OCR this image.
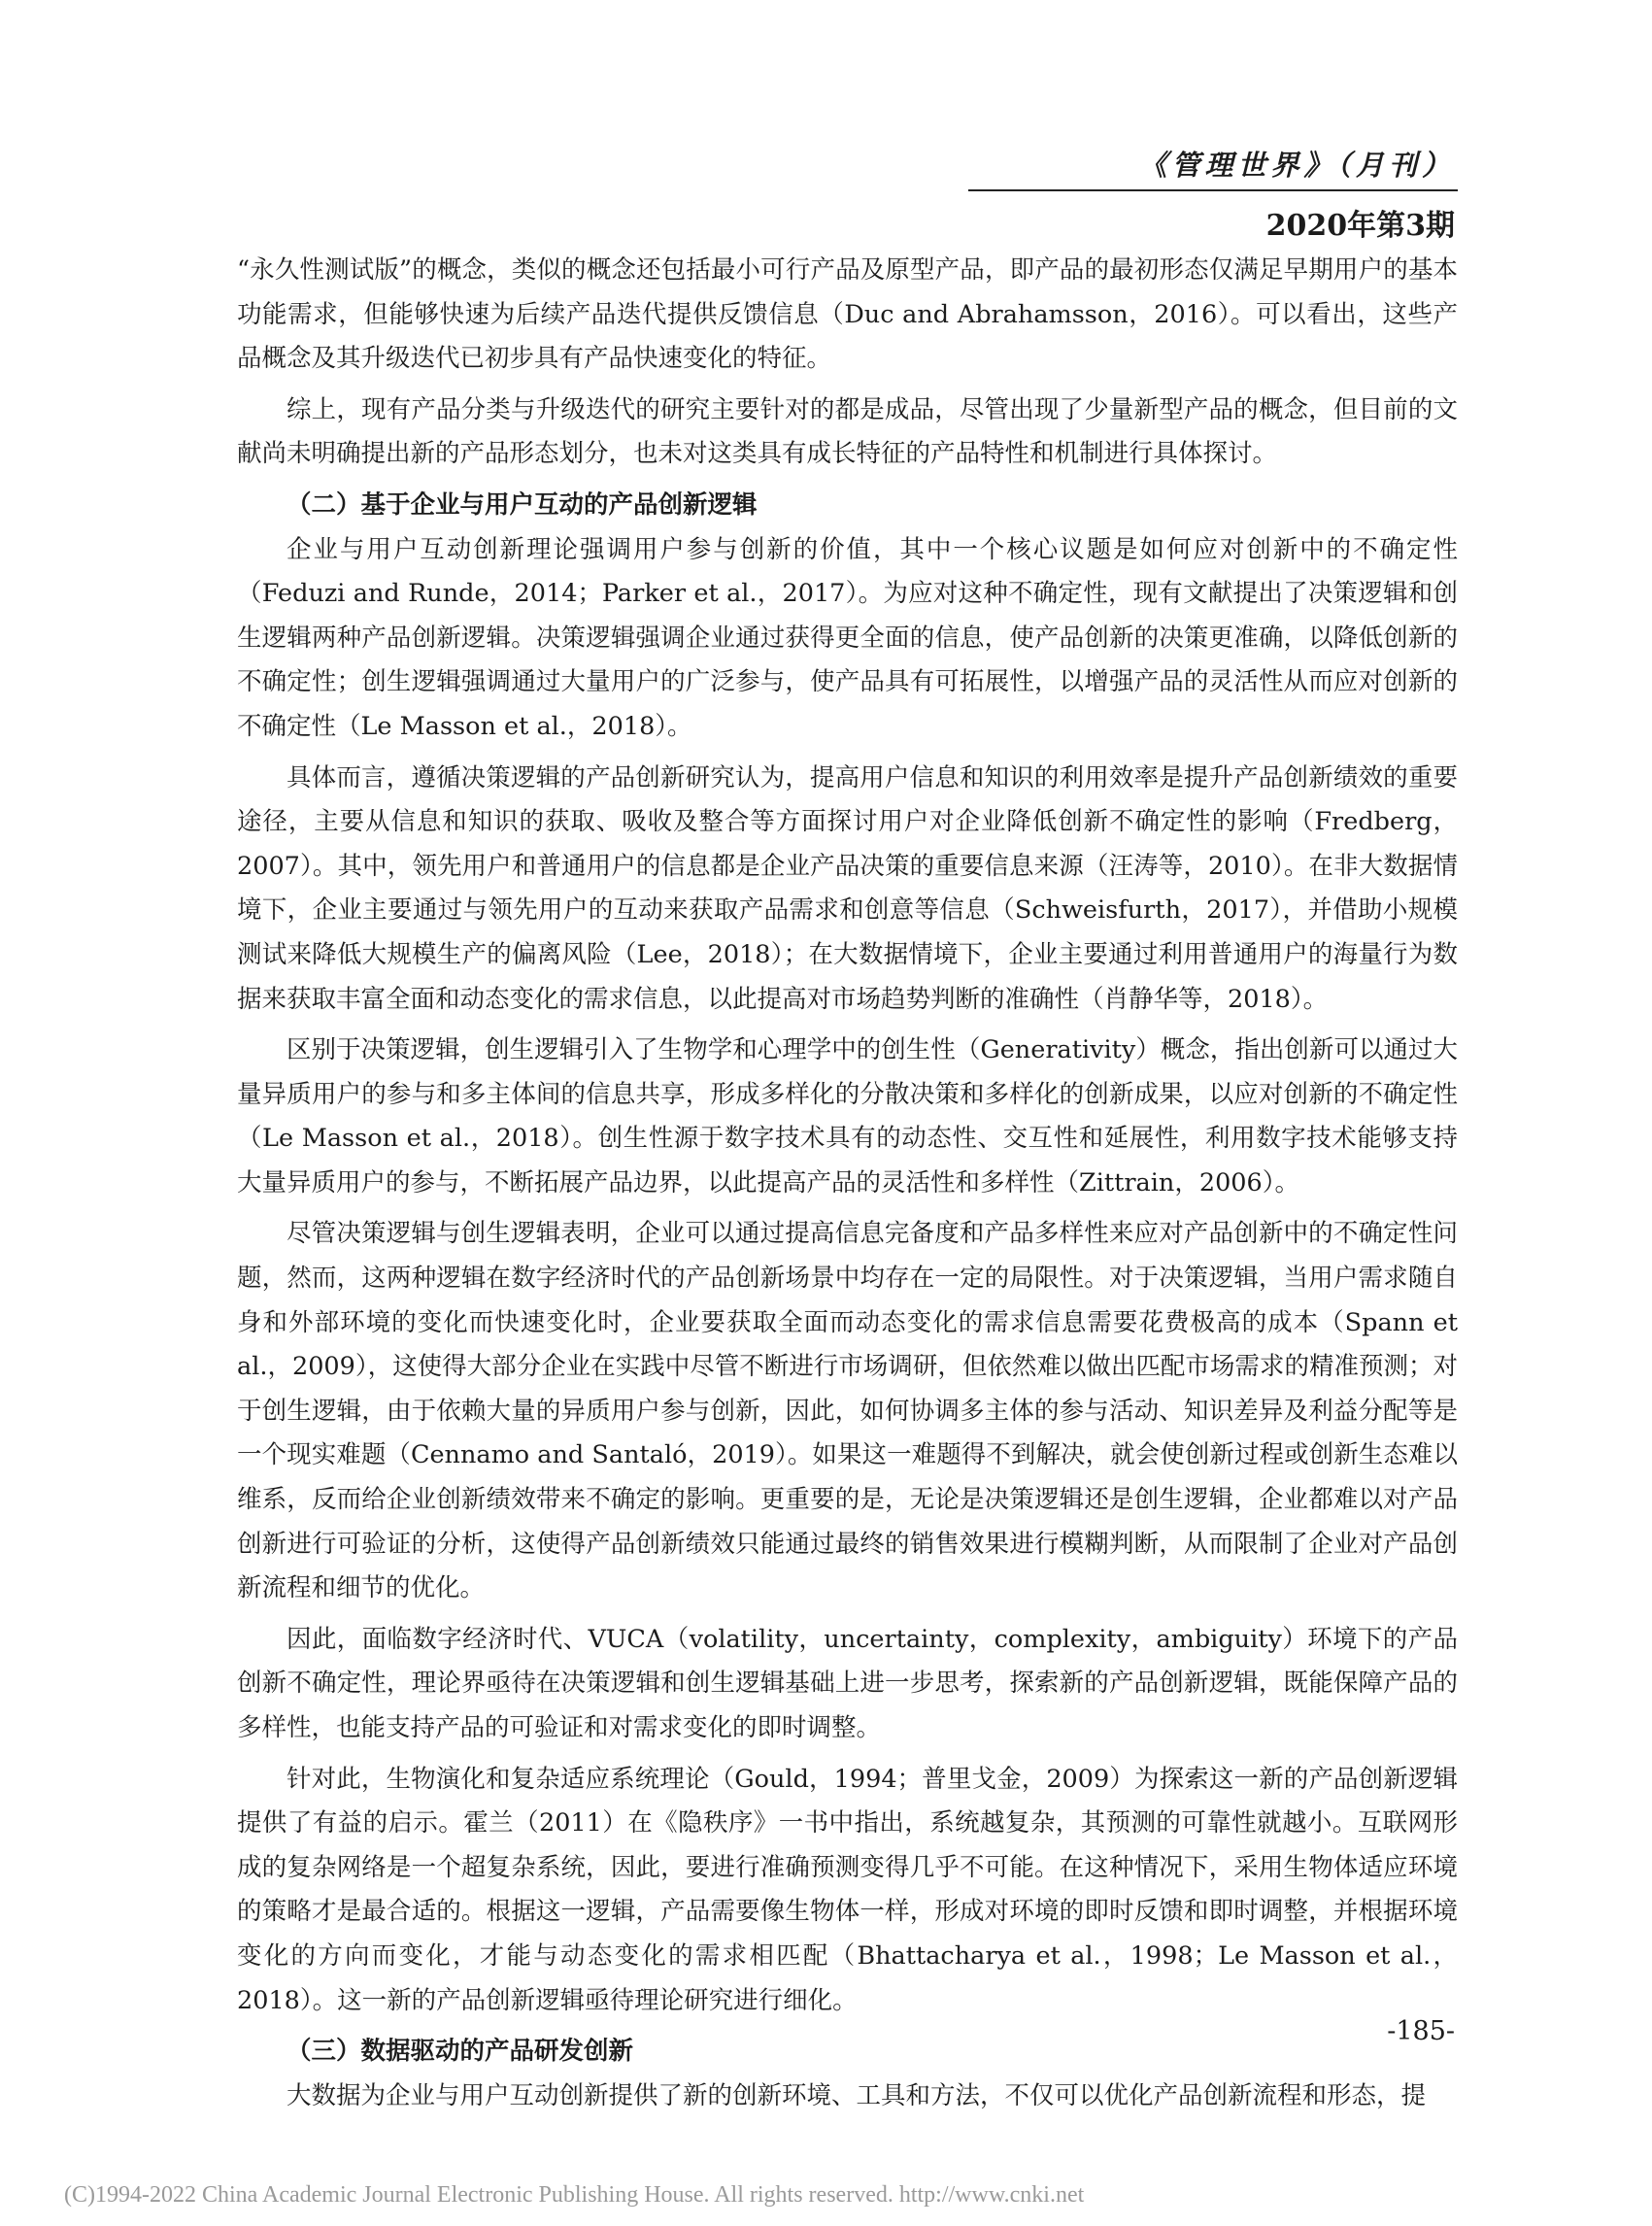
《管理世界》（月刊）
2020年第3期

“永久性测试版”的概念，类似的概念还包括最小可行产品及原型产品，即产品的最初形态仅满足早期用户的基本功能需求，但能够快速为后续产品迭代提供反馈信息（Duc and Abrahamsson，2016）。可以看出，这些产品概念及其升级迭代已初步具有产品快速变化的特征。

综上，现有产品分类与升级迭代的研究主要针对的都是成品，尽管出现了少量新型产品的概念，但目前的文献尚未明确提出新的产品形态划分，也未对这类具有成长特征的产品特性和机制进行具体探讨。

（二）基于企业与用户互动的产品创新逻辑

企业与用户互动创新理论强调用户参与创新的价值，其中一个核心议题是如何应对创新中的不确定性（Feduzi and Runde，2014；Parker et al.，2017）。为应对这种不确定性，现有文献提出了决策逻辑和创生逻辑两种产品创新逻辑。决策逻辑强调企业通过获得更全面的信息，使产品创新的决策更准确，以降低创新的不确定性；创生逻辑强调通过大量用户的广泛参与，使产品具有可拓展性，以增强产品的灵活性从而应对创新的不确定性（Le Masson et al.，2018）。

具体而言，遵循决策逻辑的产品创新研究认为，提高用户信息和知识的利用效率是提升产品创新绩效的重要途径，主要从信息和知识的获取、吸收及整合等方面探讨用户对企业降低创新不确定性的影响（Fredberg，2007）。其中，领先用户和普通用户的信息都是企业产品决策的重要信息来源（汪涛等，2010）。在非大数据情境下，企业主要通过与领先用户的互动来获取产品需求和创意等信息（Schweisfurth，2017），并借助小规模测试来降低大规模生产的偏离风险（Lee，2018）；在大数据情境下，企业主要通过利用普通用户的海量行为数据来获取丰富全面和动态变化的需求信息，以此提高对市场趋势判断的准确性（肖静华等，2018）。

区别于决策逻辑，创生逻辑引入了生物学和心理学中的创生性（Generativity）概念，指出创新可以通过大量异质用户的参与和多主体间的信息共享，形成多样化的分散决策和多样化的创新成果，以应对创新的不确定性（Le Masson et al.，2018）。创生性源于数字技术具有的动态性、交互性和延展性，利用数字技术能够支持大量异质用户的参与，不断拓展产品边界，以此提高产品的灵活性和多样性（Zittrain，2006）。

尽管决策逻辑与创生逻辑表明，企业可以通过提高信息完备度和产品多样性来应对产品创新中的不确定性问题，然而，这两种逻辑在数字经济时代的产品创新场景中均存在一定的局限性。对于决策逻辑，当用户需求随自身和外部环境的变化而快速变化时，企业要获取全面而动态变化的需求信息需要花费极高的成本（Spann et al.，2009），这使得大部分企业在实践中尽管不断进行市场调研，但依然难以做出匹配市场需求的精准预测；对于创生逻辑，由于依赖大量的异质用户参与创新，因此，如何协调多主体的参与活动、知识差异及利益分配等是一个现实难题（Cennamo and Santaló，2019）。如果这一难题得不到解决，就会使创新过程或创新生态难以维系，反而给企业创新绩效带来不确定的影响。更重要的是，无论是决策逻辑还是创生逻辑，企业都难以对产品创新进行可验证的分析，这使得产品创新绩效只能通过最终的销售效果进行模糊判断，从而限制了企业对产品创新流程和细节的优化。

因此，面临数字经济时代、VUCA（volatility，uncertainty，complexity，ambiguity）环境下的产品创新不确定性，理论界亟待在决策逻辑和创生逻辑基础上进一步思考，探索新的产品创新逻辑，既能保障产品的多样性，也能支持产品的可验证和对需求变化的即时调整。

针对此，生物演化和复杂适应系统理论（Gould，1994；普里戈金，2009）为探索这一新的产品创新逻辑提供了有益的启示。霍兰（2011）在《隐秩序》一书中指出，系统越复杂，其预测的可靠性就越小。互联网形成的复杂网络是一个超复杂系统，因此，要进行准确预测变得几乎不可能。在这种情况下，采用生物体适应环境的策略才是最合适的。根据这一逻辑，产品需要像生物体一样，形成对环境的即时反馈和即时调整，并根据环境变化的方向而变化，才能与动态变化的需求相匹配（Bhattacharya et al.，1998；Le Masson et al.，2018）。这一新的产品创新逻辑亟待理论研究进行细化。

（三）数据驱动的产品研发创新

大数据为企业与用户互动创新提供了新的创新环境、工具和方法，不仅可以优化产品创新流程和形态，提

-185-
(C)1994-2022 China Academic Journal Electronic Publishing House. All rights reserved. http://www.cnki.net
